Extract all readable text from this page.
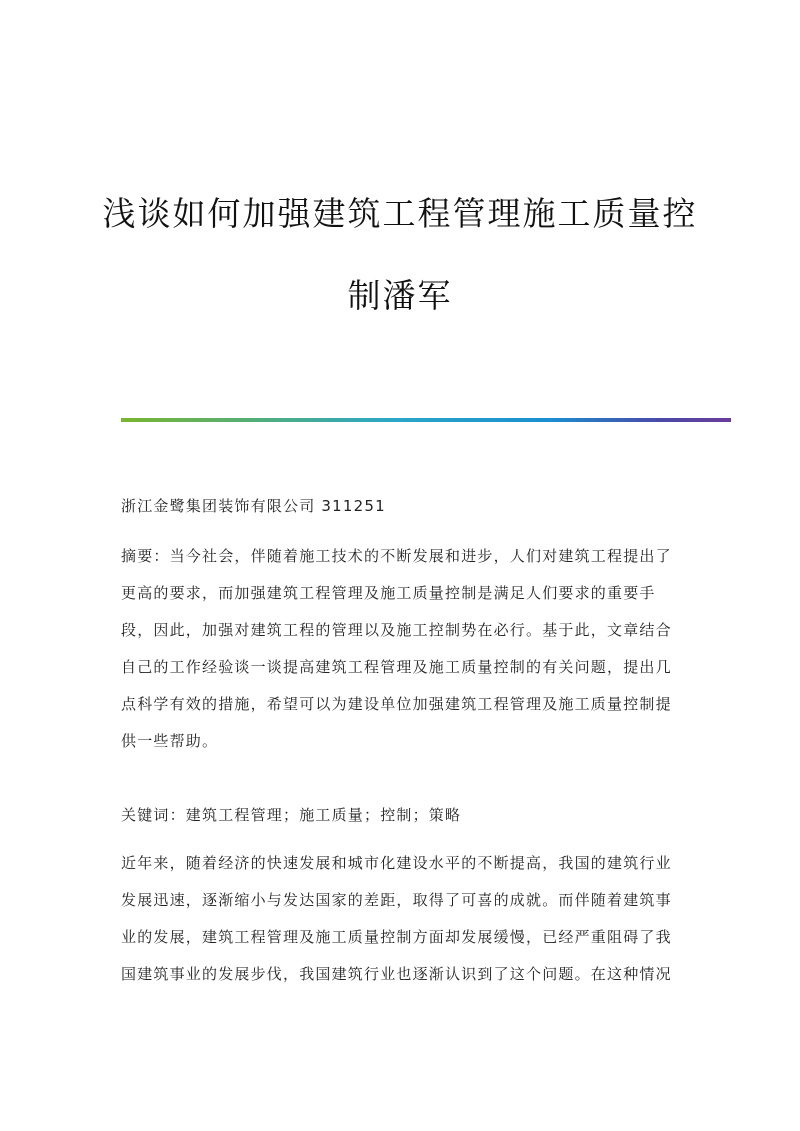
浅谈如何加强建筑工程管理施工质量控
制潘军

浙江金鹭集团装饰有限公司 311251

摘要：当今社会，伴随着施工技术的不断发展和进步，人们对建筑工程提出了
更高的要求，而加强建筑工程管理及施工质量控制是满足人们要求的重要手
段，因此，加强对建筑工程的管理以及施工控制势在必行。基于此，文章结合
自己的工作经验谈一谈提高建筑工程管理及施工质量控制的有关问题，提出几
点科学有效的措施，希望可以为建设单位加强建筑工程管理及施工质量控制提
供一些帮助。

关键词：建筑工程管理；施工质量；控制；策略

近年来，随着经济的快速发展和城市化建设水平的不断提高，我国的建筑行业
发展迅速，逐渐缩小与发达国家的差距，取得了可喜的成就。而伴随着建筑事
业的发展，建筑工程管理及施工质量控制方面却发展缓慢，已经严重阻碍了我
国建筑事业的发展步伐，我国建筑行业也逐渐认识到了这个问题。在这种情况
